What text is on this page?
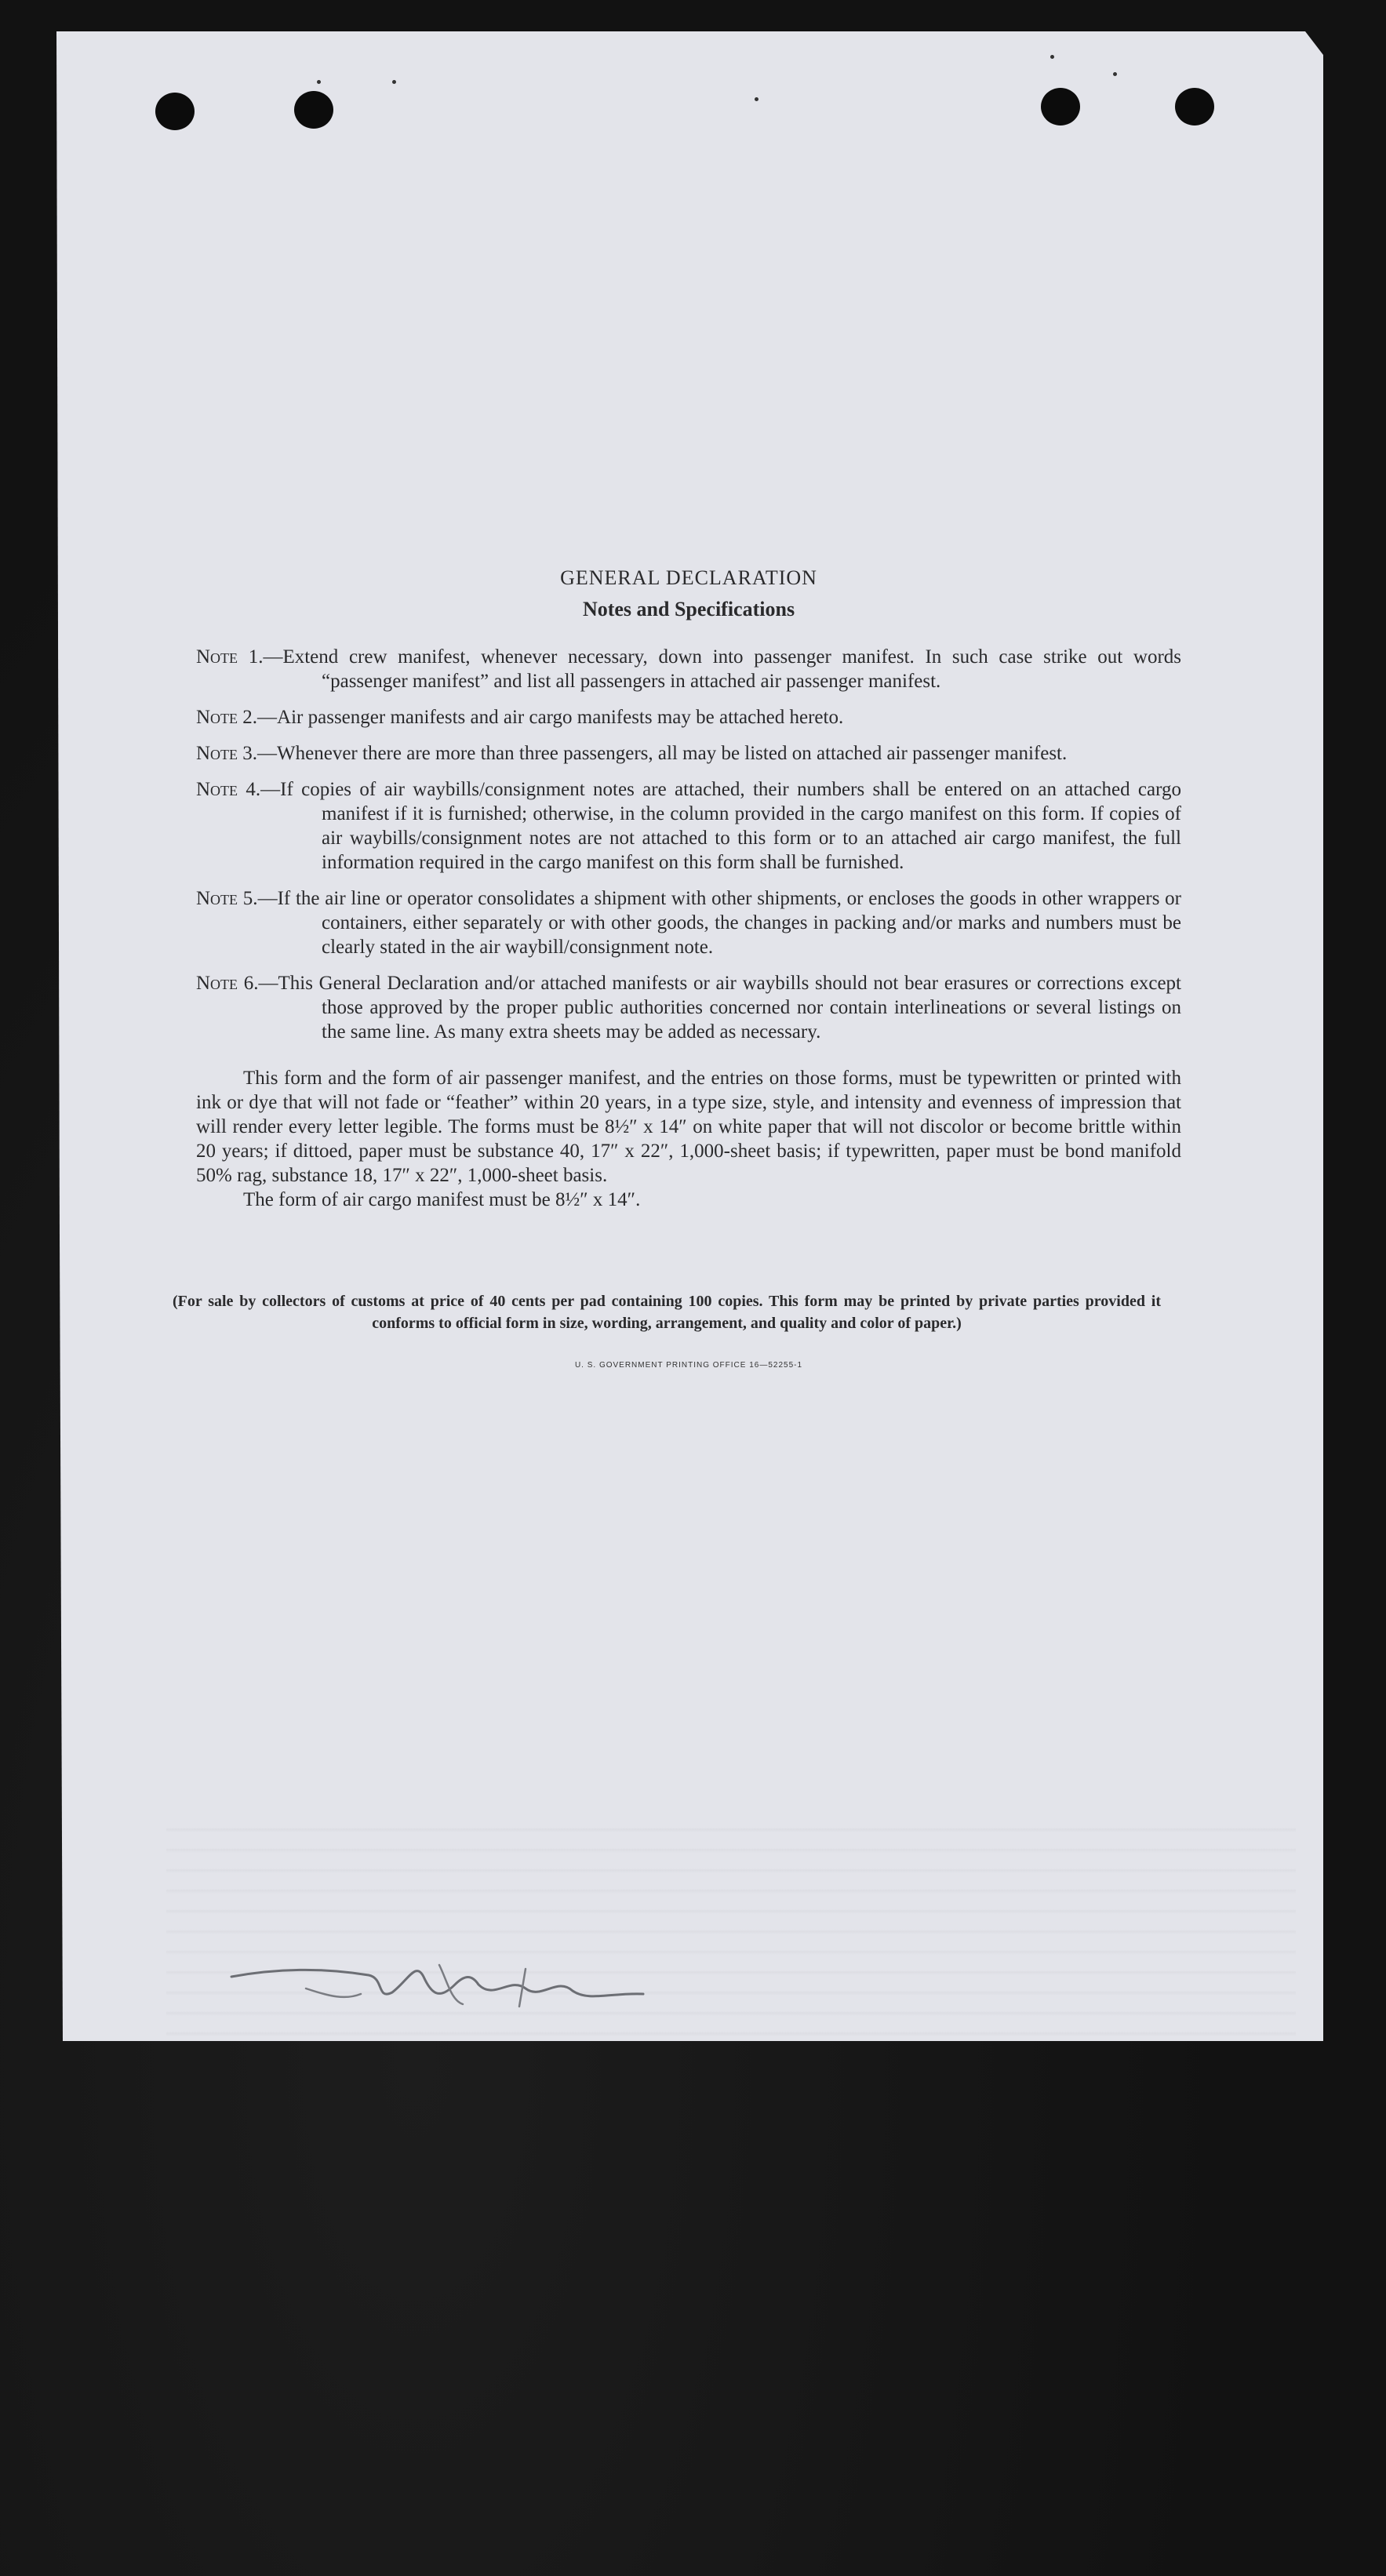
GENERAL DECLARATION
Notes and Specifications
Note 1.—Extend crew manifest, whenever necessary, down into passenger manifest. In such case strike out words “passenger manifest” and list all passengers in attached air passenger manifest.
Note 2.—Air passenger manifests and air cargo manifests may be attached hereto.
Note 3.—Whenever there are more than three passengers, all may be listed on attached air passenger manifest.
Note 4.—If copies of air waybills/consignment notes are attached, their numbers shall be entered on an attached cargo manifest if it is furnished; otherwise, in the column provided in the cargo manifest on this form. If copies of air waybills/consignment notes are not attached to this form or to an attached air cargo manifest, the full information required in the cargo manifest on this form shall be furnished.
Note 5.—If the air line or operator consolidates a shipment with other shipments, or encloses the goods in other wrappers or containers, either separately or with other goods, the changes in packing and/or marks and numbers must be clearly stated in the air waybill/consignment note.
Note 6.—This General Declaration and/or attached manifests or air waybills should not bear erasures or corrections except those approved by the proper public authorities concerned nor contain interlineations or several listings on the same line. As many extra sheets may be added as necessary.

This form and the form of air passenger manifest, and the entries on those forms, must be typewritten or printed with ink or dye that will not fade or “feather” within 20 years, in a type size, style, and intensity and evenness of impression that will render every letter legible. The forms must be 8½″ x 14″ on white paper that will not discolor or become brittle within 20 years; if dittoed, paper must be substance 40, 17″ x 22″, 1,000-sheet basis; if typewritten, paper must be bond manifold 50% rag, substance 18, 17″ x 22″, 1,000-sheet basis.

The form of air cargo manifest must be 8½″ x 14″.

(For sale by collectors of customs at price of 40 cents per pad containing 100 copies. This form may be printed by private parties provided it conforms to official form in size, wording, arrangement, and quality and color of paper.)
U. S. GOVERNMENT PRINTING OFFICE 16—52255-1
